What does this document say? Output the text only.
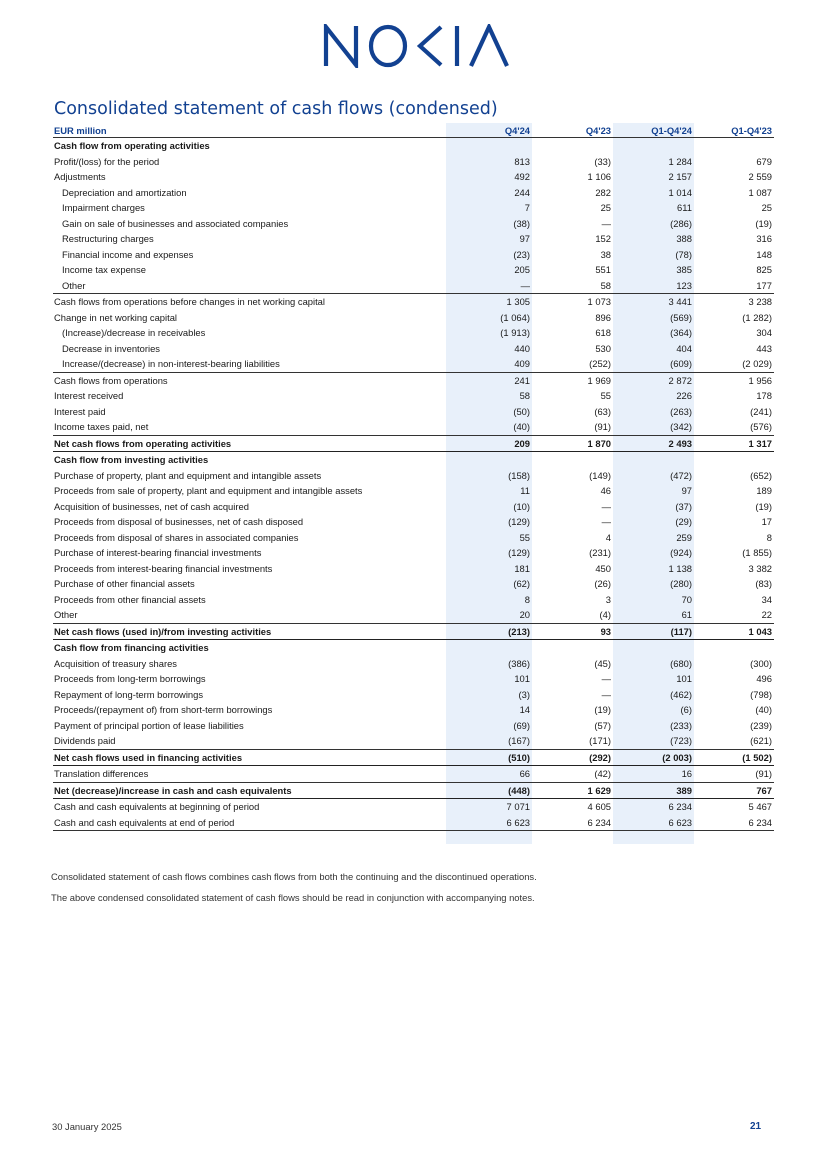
Consolidated statement of cash flows (condensed)
EUR million	Q4'24	Q4'23	Q1-Q4'24	Q1-Q4'23
Cash flow from operating activities				
Profit/(loss) for the period	813	(33)	1 284	679
Adjustments	492	1 106	2 157	2 559
Depreciation and amortization	244	282	1 014	1 087
Impairment charges	7	25	611	25
Gain on sale of businesses and associated companies	(38)	—	(286)	(19)
Restructuring charges	97	152	388	316
Financial income and expenses	(23)	38	(78)	148
Income tax expense	205	551	385	825
Other	—	58	123	177
Cash flows from operations before changes in net working capital	1 305	1 073	3 441	3 238
Change in net working capital	(1 064)	896	(569)	(1 282)
(Increase)/decrease in receivables	(1 913)	618	(364)	304
Decrease in inventories	440	530	404	443
Increase/(decrease) in non-interest-bearing liabilities	409	(252)	(609)	(2 029)
Cash flows from operations	241	1 969	2 872	1 956
Interest received	58	55	226	178
Interest paid	(50)	(63)	(263)	(241)
Income taxes paid, net	(40)	(91)	(342)	(576)
Net cash flows from operating activities	209	1 870	2 493	1 317
Cash flow from investing activities				
Purchase of property, plant and equipment and intangible assets	(158)	(149)	(472)	(652)
Proceeds from sale of property, plant and equipment and intangible assets	11	46	97	189
Acquisition of businesses, net of cash acquired	(10)	—	(37)	(19)
Proceeds from disposal of businesses, net of cash disposed	(129)	—	(29)	17
Proceeds from disposal of shares in associated companies	55	4	259	8
Purchase of interest-bearing financial investments	(129)	(231)	(924)	(1 855)
Proceeds from interest-bearing financial investments	181	450	1 138	3 382
Purchase of other financial assets	(62)	(26)	(280)	(83)
Proceeds from other financial assets	8	3	70	34
Other	20	(4)	61	22
Net cash flows (used in)/from investing activities	(213)	93	(117)	1 043
Cash flow from financing activities				
Acquisition of treasury shares	(386)	(45)	(680)	(300)
Proceeds from long-term borrowings	101	—	101	496
Repayment of long-term borrowings	(3)	—	(462)	(798)
Proceeds/(repayment of) from short-term borrowings	14	(19)	(6)	(40)
Payment of principal portion of lease liabilities	(69)	(57)	(233)	(239)
Dividends paid	(167)	(171)	(723)	(621)
Net cash flows used in financing activities	(510)	(292)	(2 003)	(1 502)
Translation differences	66	(42)	16	(91)
Net (decrease)/increase in cash and cash equivalents	(448)	1 629	389	767
Cash and cash equivalents at beginning of period	7 071	4 605	6 234	5 467
Cash and cash equivalents at end of period	6 623	6 234	6 623	6 234

Consolidated statement of cash flows combines cash flows from both the continuing and the discontinued operations.

The above condensed consolidated statement of cash flows should be read in conjunction with accompanying notes.

30 January 2025	21
